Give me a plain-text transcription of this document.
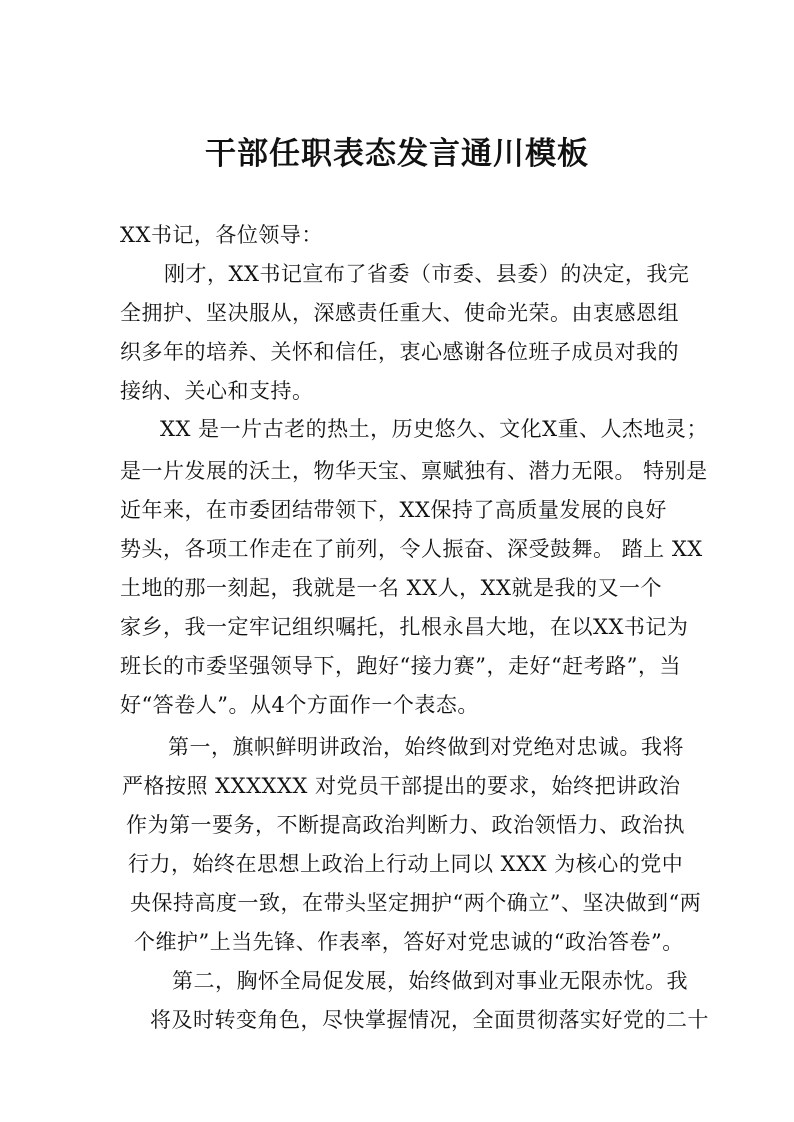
干部任职表态发言通川模板
XX书记，各位领导：
刚才，XX书记宣布了省委（市委、县委）的决定，我完
全拥护、坚决服从，深感责任重大、使命光荣。由衷感恩组
织多年的培养、关怀和信任，衷心感谢各位班子成员对我的
接纳、关心和支持。
XX 是一片古老的热土，历史悠久、文化X重、人杰地灵；
是一片发展的沃土，物华天宝、禀赋独有、潜力无限。 特别是
近年来，在市委团结带领下，XX保持了高质量发展的良好
势头，各项工作走在了前列，令人振奋、深受鼓舞。 踏上 XX
土地的那一刻起，我就是一名 XX人，XX就是我的又一个
家乡，我一定牢记组织嘱托，扎根永昌大地，在以XX书记为
班长的市委坚强领导下，跑好“接力赛”，走好“赶考路”，当
好“答卷人”。从4个方面作一个表态。
第一，旗帜鲜明讲政治，始终做到对党绝对忠诚。我将
严格按照 XXXXXX 对党员干部提出的要求，始终把讲政治
作为第一要务，不断提高政治判断力、政治领悟力、政治执
行力，始终在思想上政治上行动上同以 XXX 为核心的党中
央保持高度一致，在带头坚定拥护“两个确立”、坚决做到“两
个维护”上当先锋、作表率，答好对党忠诚的“政治答卷”。
第二，胸怀全局促发展，始终做到对事业无限赤忱。我
将及时转变角色，尽快掌握情况，全面贯彻落实好党的二十
